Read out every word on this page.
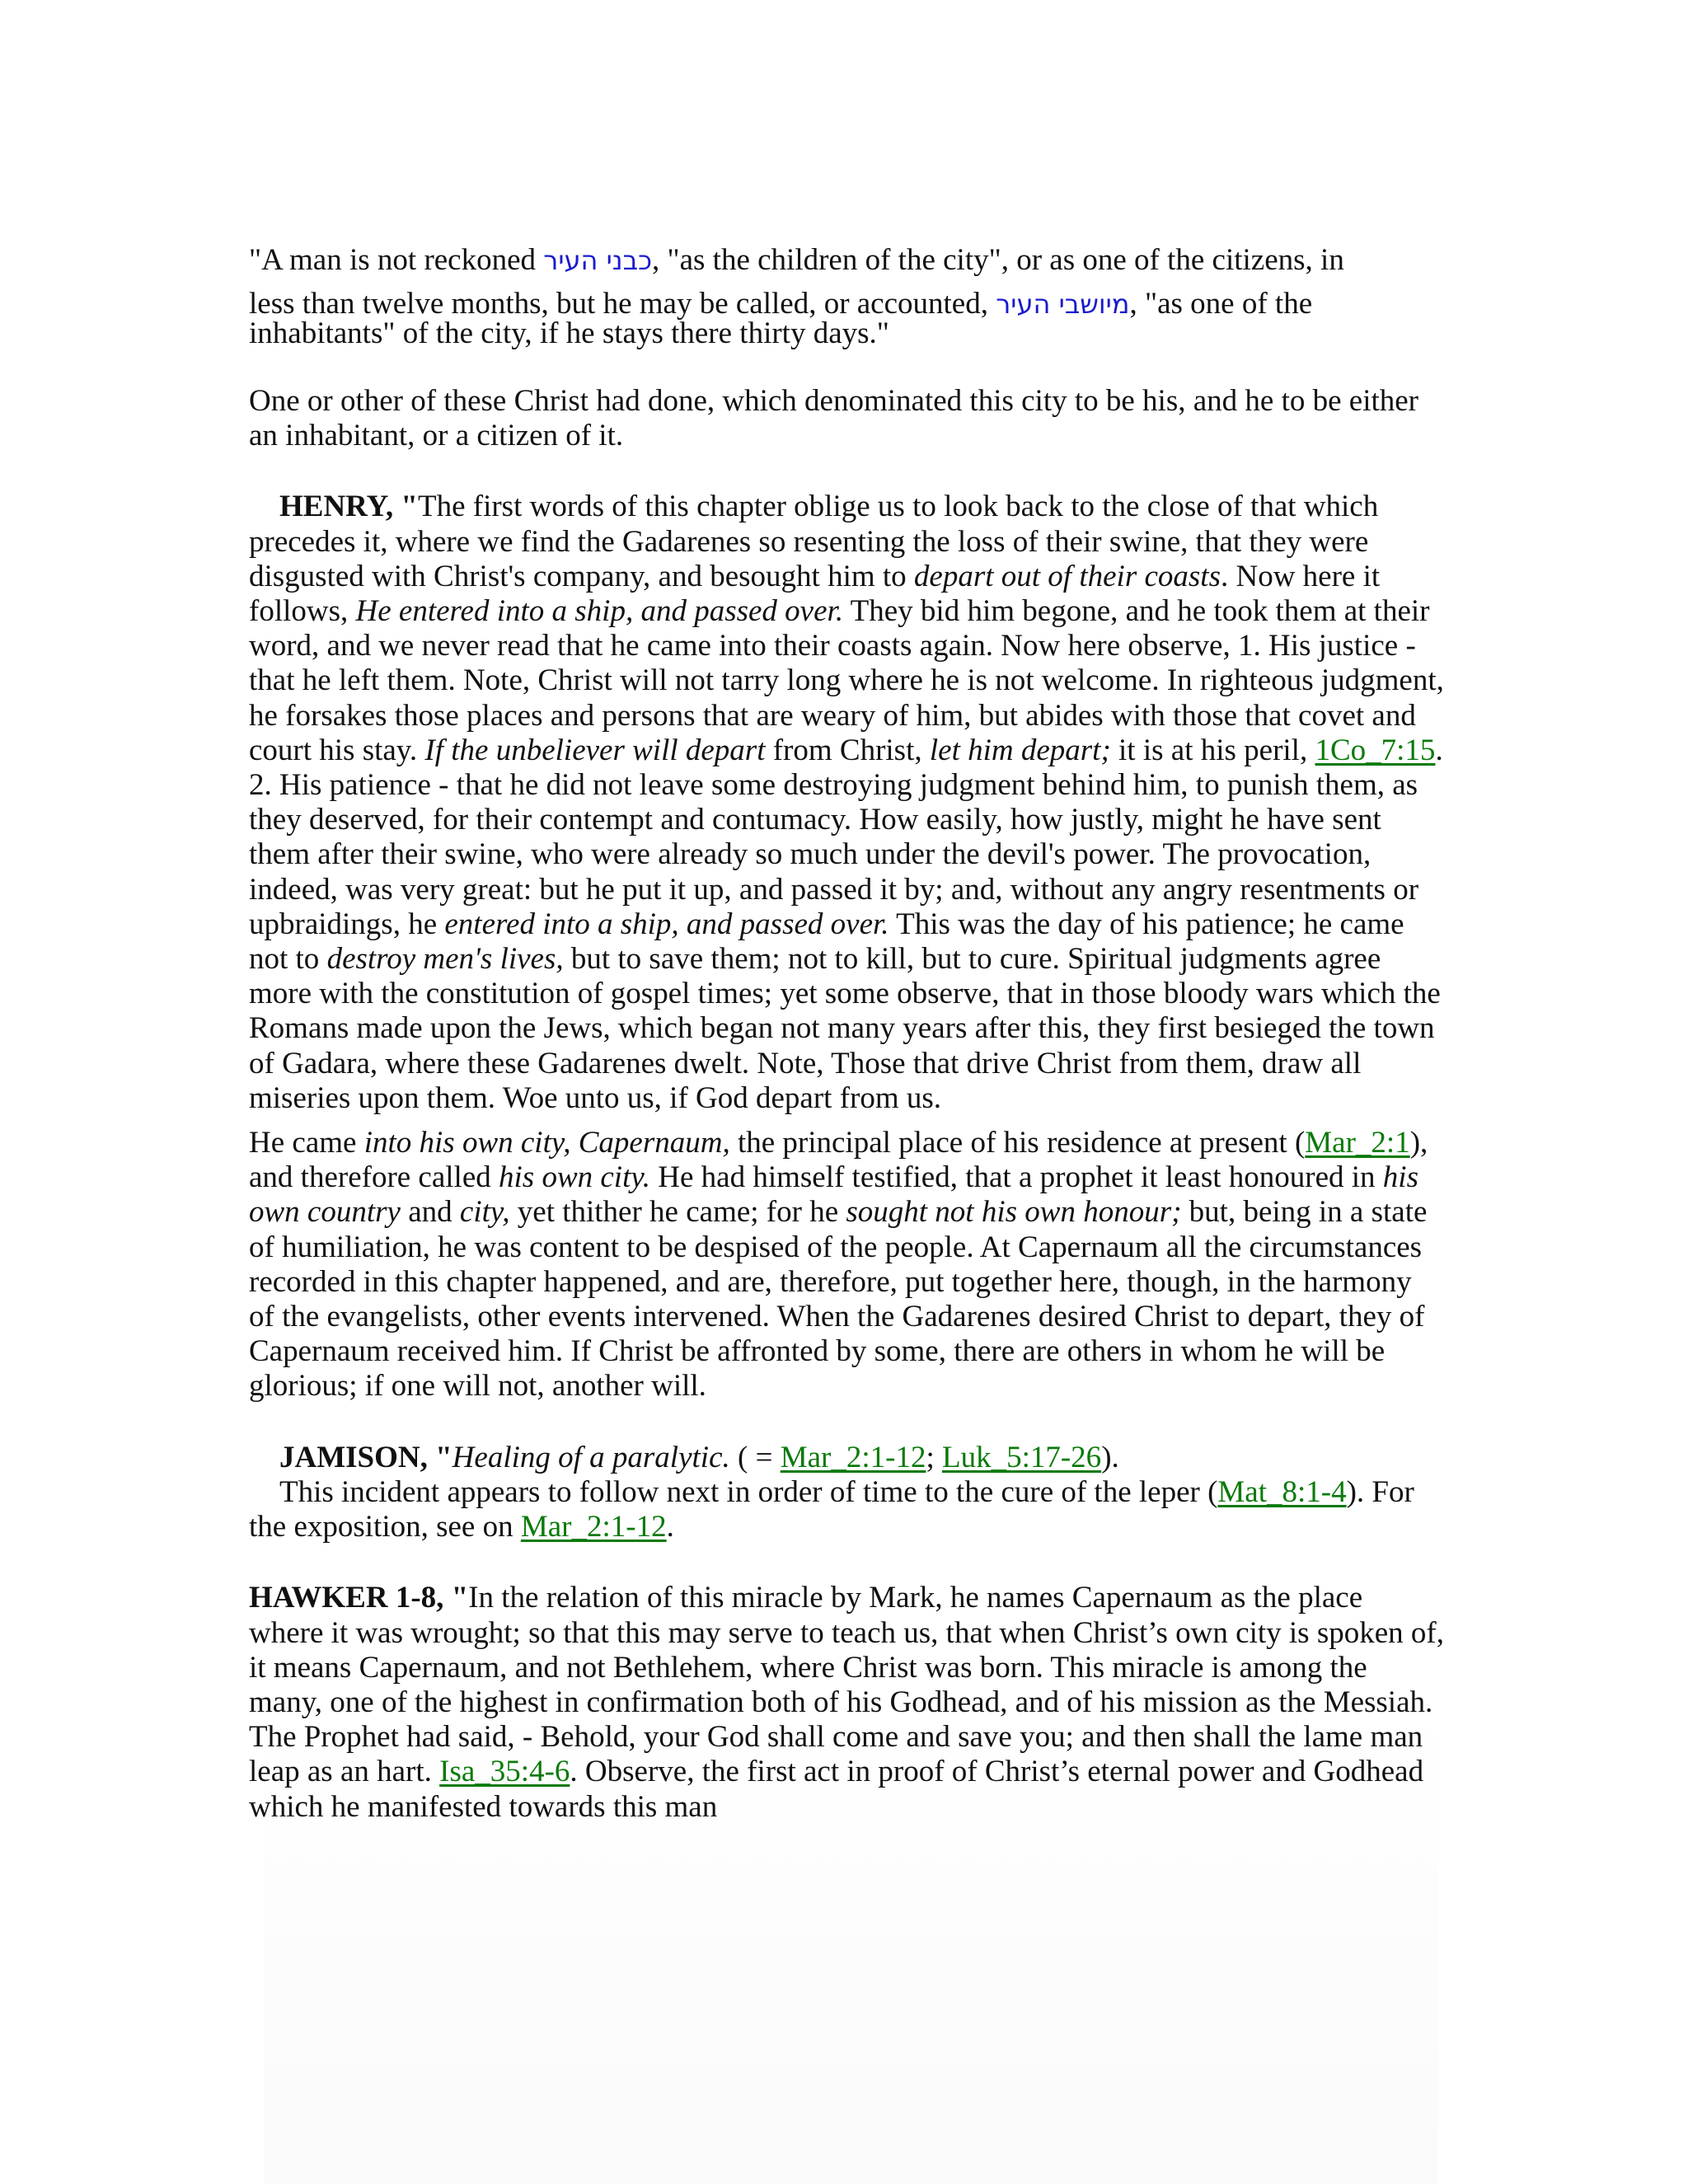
"A man is not reckoned כבני העיר, "as the children of the city", or as one of the citizens, in
less than twelve months, but he may be called, or accounted, מיושבי העיר, "as one of the
inhabitants" of the city, if he stays there thirty days."

One or other of these Christ had done, which denominated this city to be his, and he to be either an inhabitant, or a citizen of it.

HENRY, "The first words of this chapter oblige us to look back to the close of that which precedes it, where we find the Gadarenes so resenting the loss of their swine, that they were disgusted with Christ's company, and besought him to depart out of their coasts. Now here it follows, He entered into a ship, and passed over. They bid him begone, and he took them at their word, and we never read that he came into their coasts again. Now here observe, 1. His justice - that he left them. Note, Christ will not tarry long where he is not welcome. In righteous judgment, he forsakes those places and persons that are weary of him, but abides with those that covet and court his stay. If the unbeliever will depart from Christ, let him depart; it is at his peril, 1Co_7:15. 2. His patience - that he did not leave some destroying judgment behind him, to punish them, as they deserved, for their contempt and contumacy. How easily, how justly, might he have sent them after their swine, who were already so much under the devil's power. The provocation, indeed, was very great: but he put it up, and passed it by; and, without any angry resentments or upbraidings, he entered into a ship, and passed over. This was the day of his patience; he came not to destroy men's lives, but to save them; not to kill, but to cure. Spiritual judgments agree more with the constitution of gospel times; yet some observe, that in those bloody wars which the Romans made upon the Jews, which began not many years after this, they first besieged the town of Gadara, where these Gadarenes dwelt. Note, Those that drive Christ from them, draw all miseries upon them. Woe unto us, if God depart from us.

He came into his own city, Capernaum, the principal place of his residence at present (Mar_2:1), and therefore called his own city. He had himself testified, that a prophet it least honoured in his own country and city, yet thither he came; for he sought not his own honour; but, being in a state of humiliation, he was content to be despised of the people. At Capernaum all the circumstances recorded in this chapter happened, and are, therefore, put together here, though, in the harmony of the evangelists, other events intervened. When the Gadarenes desired Christ to depart, they of Capernaum received him. If Christ be affronted by some, there are others in whom he will be glorious; if one will not, another will.

JAMISON, "Healing of a paralytic. ( = Mar_2:1-12; Luk_5:17-26).

This incident appears to follow next in order of time to the cure of the leper (Mat_8:1-4). For the exposition, see on Mar_2:1-12.

HAWKER 1-8, "In the relation of this miracle by Mark, he names Capernaum as the place where it was wrought; so that this may serve to teach us, that when Christ’s own city is spoken of, it means Capernaum, and not Bethlehem, where Christ was born. This miracle is among the many, one of the highest in confirmation both of his Godhead, and of his mission as the Messiah. The Prophet had said, - Behold, your God shall come and save you; and then shall the lame man leap as an hart. Isa_35:4-6. Observe, the first act in proof of Christ’s eternal power and Godhead which he manifested towards this man
